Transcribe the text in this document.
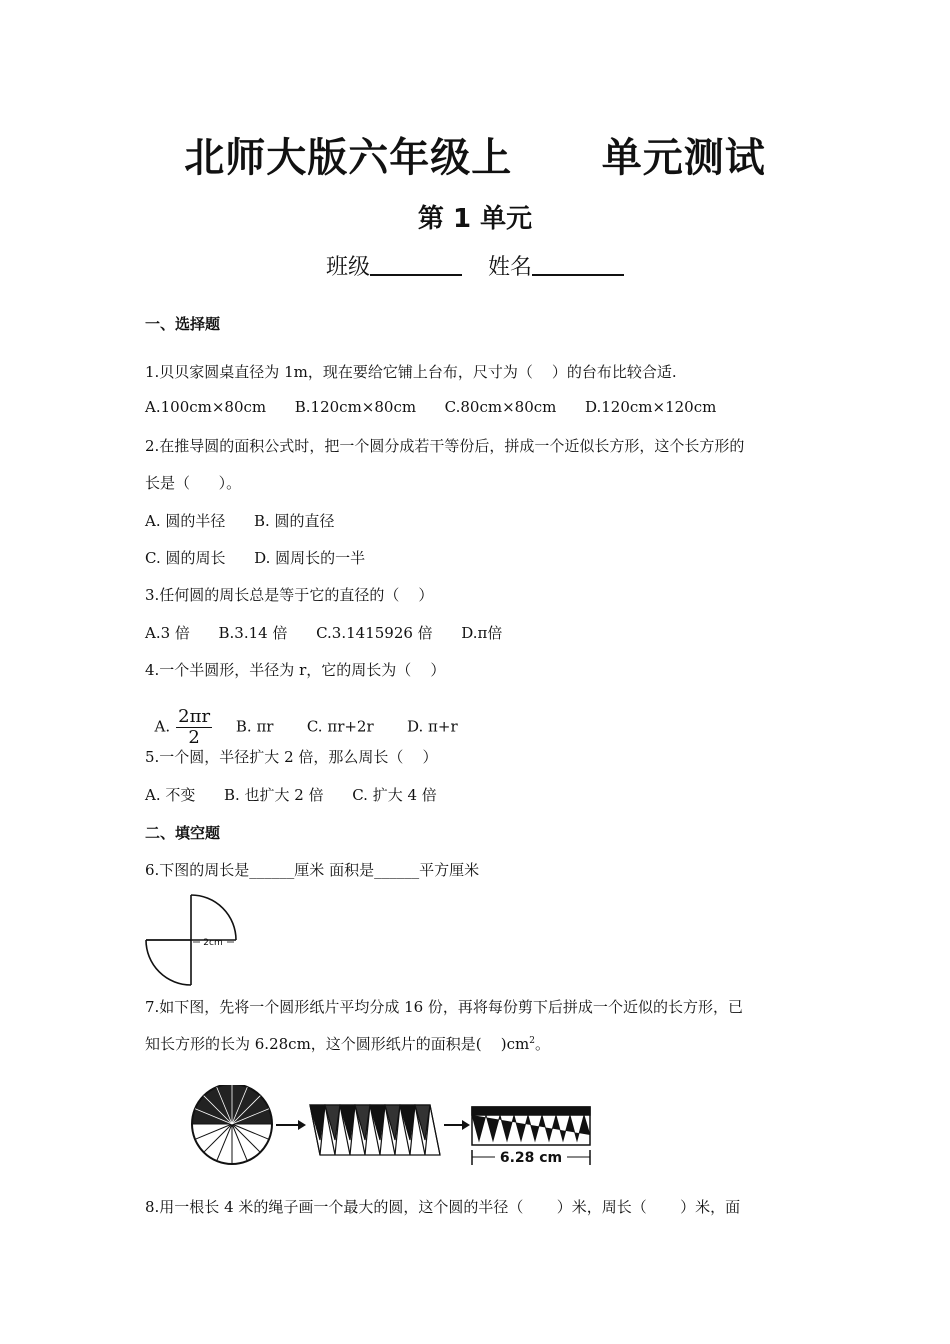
北师大版六年级上      单元测试
第 1 单元
班级	姓名
一、选择题
1.贝贝家圆桌直径为 1m，现在要给它铺上台布，尺寸为（    ）的台布比较合适.
A.100cm×80cm      B.120cm×80cm      C.80cm×80cm      D.120cm×120cm
2.在推导圆的面积公式时，把一个圆分成若干等份后，拼成一个近似长方形，这个长方形的
长是（      ）。
A. 圆的半径      B. 圆的直径
C. 圆的周长      D. 圆周长的一半
3.任何圆的周长总是等于它的直径的（    ）
A.3 倍      B.3.14 倍      C.3.1415926 倍      D.π倍
4.一个半圆形，半径为 r，它的周长为（    ）

A. $\frac{2\pi r}{2} B$. πr       C. πr+2r       D. π+r

5.一个圆，半径扩大 2 倍，那么周长（    ）
A. 不变      B. 也扩大 2 倍      C. 扩大 4 倍
二、填空题
6.下图的周长是______厘米 面积是______平方厘米
2cm
7.如下图，先将一个圆形纸片平均分成 16 份，再将每份剪下后拼成一个近似的长方形，已
知长方形的长为 6.28cm，这个圆形纸片的面积是(    )$cm^2$。
6.28 cm
8.用一根长 4 米的绳子画一个最大的圆，这个圆的半径（       ）米，周长（       ）米，面
